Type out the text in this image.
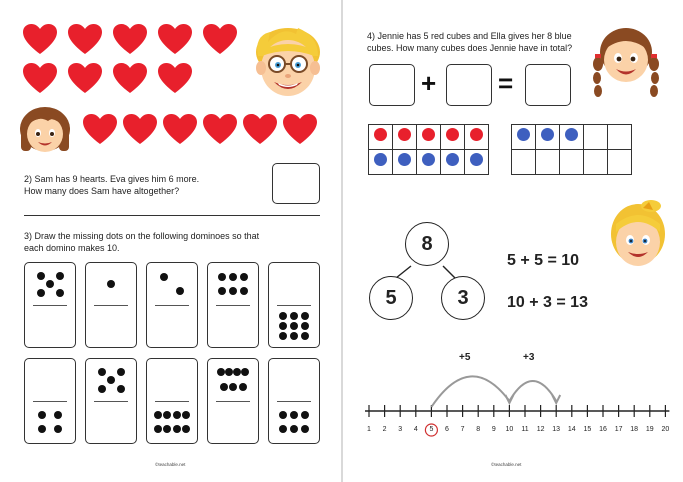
2) Sam has 9 hearts. Eva gives him 6 more.
How many does Sam have altogether?
3) Draw the missing dots on the following dominoes so that
each domino makes 10.
©teachable.net
4) Jennie has 5 red cubes and Ella gives her 8 blue
cubes. How many cubes does Jennie have in total?
+ =

8
5	3
5 + 5 = 10
10 + 3 = 13
1	2	3	4	5	6	7	8	9	10	11	12	13	14	15	16	17	18	19	20
+5	+3
©teachable.net
